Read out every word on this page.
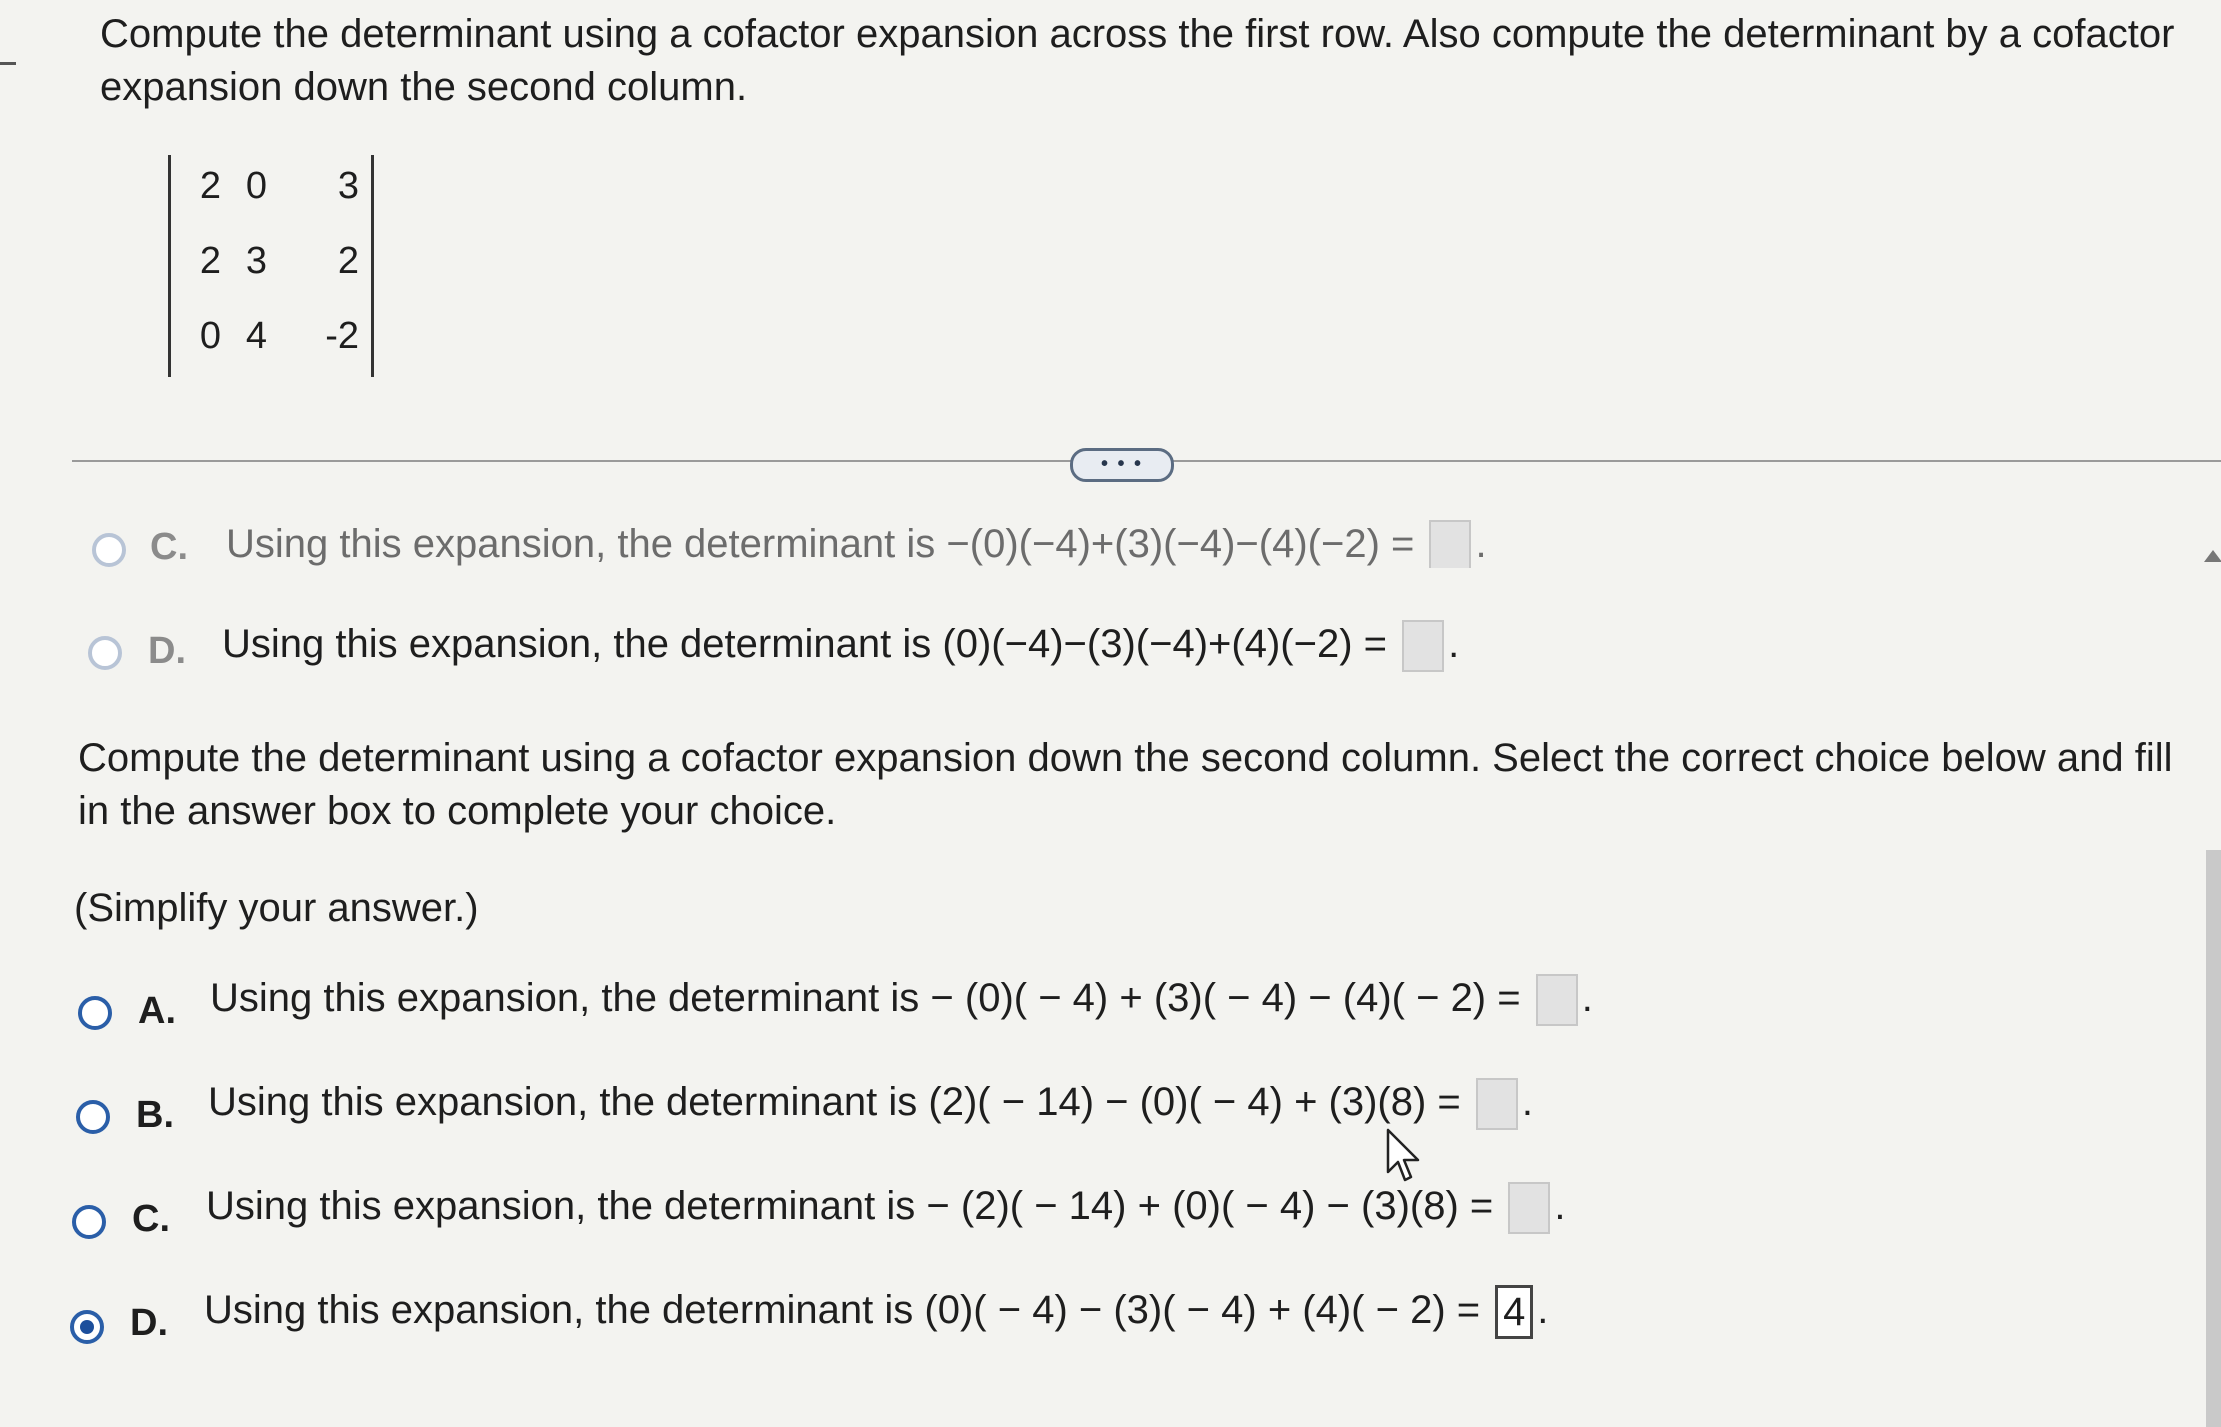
Compute the determinant using a cofactor expansion across the first row. Also compute the determinant by a cofactor expansion down the second column.
2 0	3
2 3	2
0 4	-2
• • •
C. Using this expansion, the determinant is −(0)(−4)+(3)(−4)−(4)(−2) = .
D. Using this expansion, the determinant is (0)(−4)−(3)(−4)+(4)(−2) = .
Compute the determinant using a cofactor expansion down the second column. Select the correct choice below and fill in the answer box to complete your choice.
(Simplify your answer.)
A. Using this expansion, the determinant is − (0)( − 4) + (3)( − 4) − (4)( − 2) = .
B. Using this expansion, the determinant is (2)( − 14) − (0)( − 4) + (3)(8) = .
C. Using this expansion, the determinant is − (2)( − 14) + (0)( − 4) − (3)(8) = .
D. Using this expansion, the determinant is (0)( − 4) − (3)( − 4) + (4)( − 2) = 4 .
